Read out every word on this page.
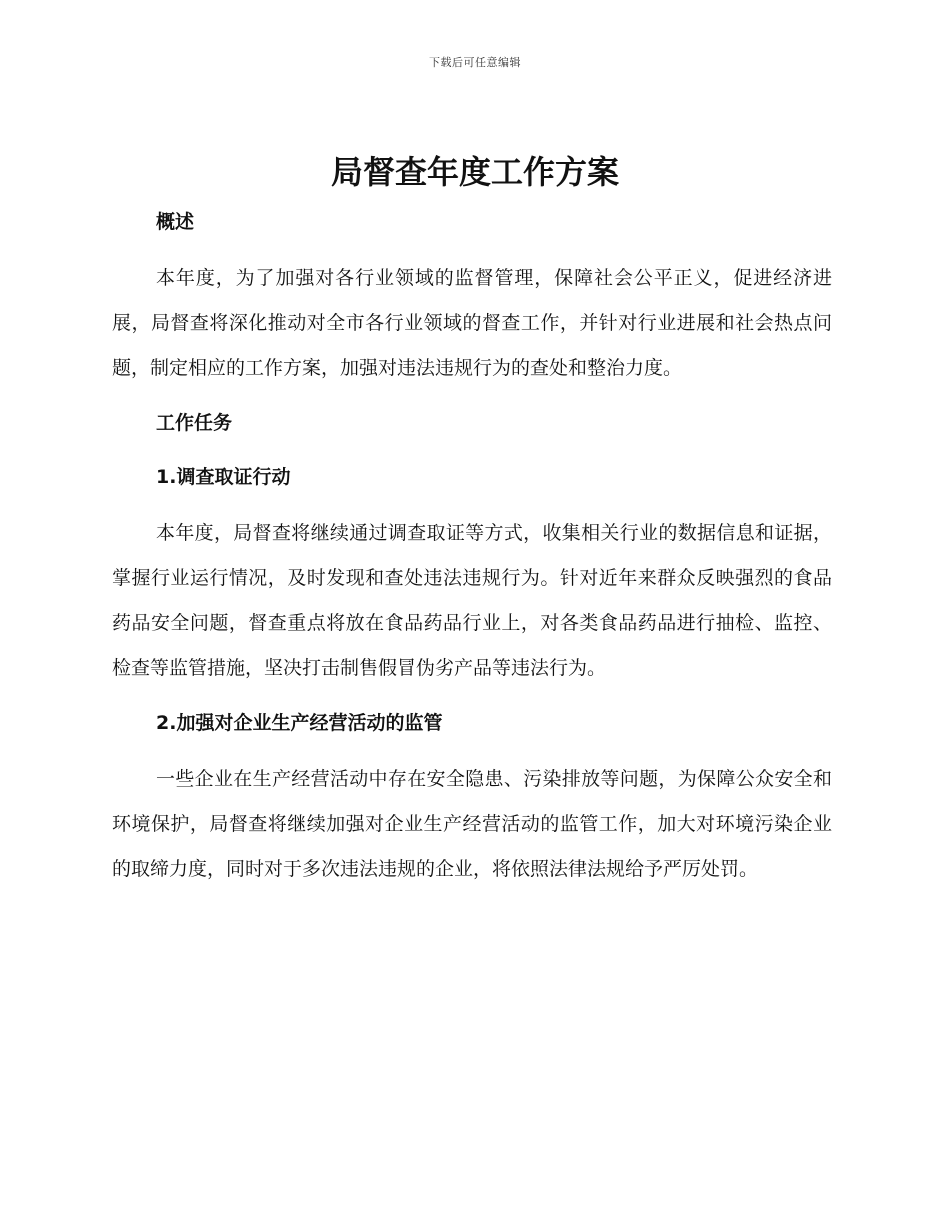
下载后可任意编辑
局督查年度工作方案

概述

本年度，为了加强对各行业领域的监督管理，保障社会公平正义，促进经济进展，局督查将深化推动对全市各行业领域的督查工作，并针对行业进展和社会热点问题，制定相应的工作方案，加强对违法违规行为的查处和整治力度。

工作任务

1.调查取证行动

本年度，局督查将继续通过调查取证等方式，收集相关行业的数据信息和证据，掌握行业运行情况，及时发现和查处违法违规行为。针对近年来群众反映强烈的食品药品安全问题，督查重点将放在食品药品行业上，对各类食品药品进行抽检、监控、检查等监管措施，坚决打击制售假冒伪劣产品等违法行为。

2.加强对企业生产经营活动的监管

一些企业在生产经营活动中存在安全隐患、污染排放等问题，为保障公众安全和环境保护，局督查将继续加强对企业生产经营活动的监管工作，加大对环境污染企业的取缔力度，同时对于多次违法违规的企业，将依照法律法规给予严厉处罚。
